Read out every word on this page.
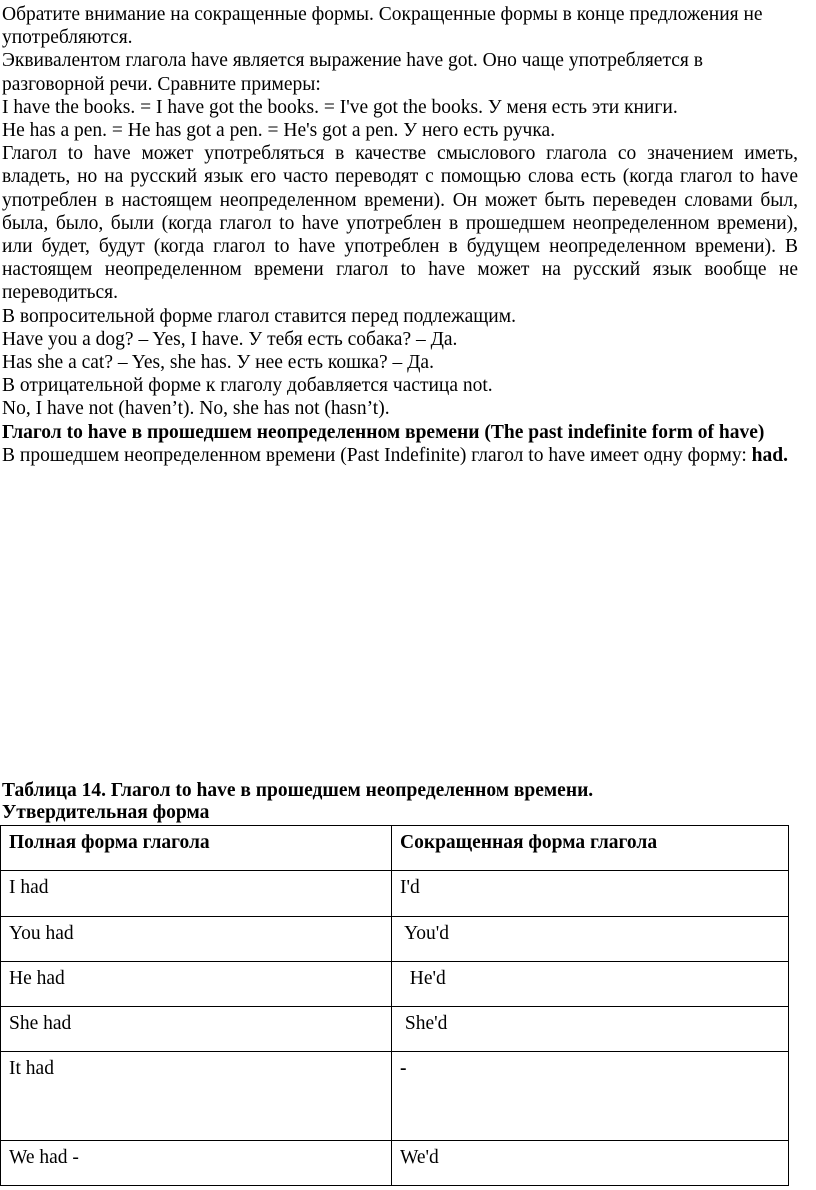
Обратите внимание на сокращенные формы. Сокращенные формы в конце предложения не употребляются.

Эквивалентом глагола have является выражение have got. Оно чаще употребляется в разговорной речи. Сравните примеры:

I have the books. = I have got the books. = I've got the books. У меня есть эти книги.

He has a pen. = He has got a pen. = He's got a pen. У него есть ручка.

Глагол to have может употребляться в качестве смыслового глагола со значением иметь, владеть, но на русский язык его часто переводят с помощью слова есть (когда глагол to have употреблен в настоящем неопределенном времени). Он может быть переведен словами был, была, было, были (когда глагол to have употреблен в прошедшем неопределенном времени), или будет, будут (когда глагол to have употреблен в будущем неопределенном времени). В настоящем неопределенном времени глагол to have может на русский язык вообще не переводиться.

В вопросительной форме глагол ставится перед подлежащим.

Have you a dog? – Yes, I have. У тебя есть собака? – Да.

Has she a cat? – Yes, she has. У нее есть кошка? – Да.

В отрицательной форме к глаголу добавляется частица not.

No, I have not (haven’t). No, she has not (hasn’t).

Глагол to have в прошедшем неопределенном времени (The past indefinite form of have)

В прошедшем неопределенном времени (Past Indefinite) глагол to have имеет одну форму: had.

Таблица 14. Глагол to have в прошедшем неопределенном времени.
Утвердительная форма
Полная форма глагола	Сокращенная форма глагола
I had	I'd
You had	You'd
He had	He'd
She had	She'd
It had	-
We had -	We'd
